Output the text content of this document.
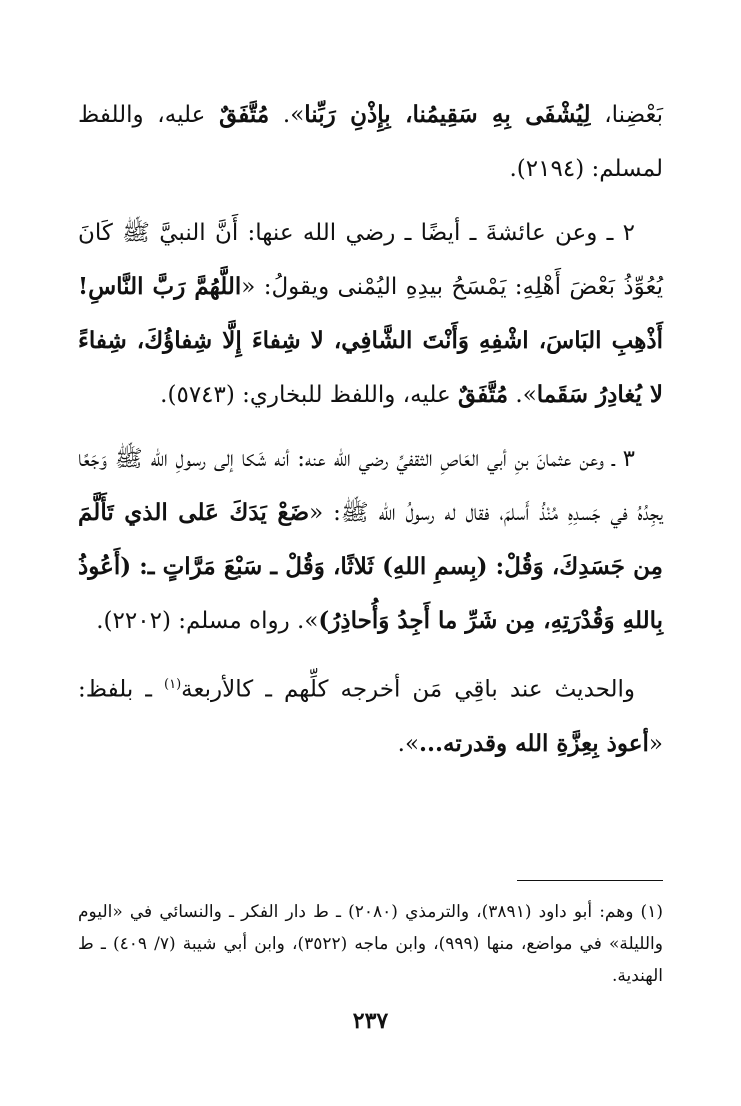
بَعْضِنا، لِيُشْفَى بِهِ سَقِيمُنا، بِإِذْنِ رَبِّنا». مُتَّفَقٌ عليه، واللفظ لمسلم: (٢١٩٤).

٢ ـ وعن عائشةَ ـ أيضًا ـ رضي الله عنها: أَنَّ النبيَّ ﷺ كَانَ يُعُوِّذُ بَعْضَ أَهْلِهِ: يَمْسَحُ بيدِهِ اليُمْنى ويقولُ: «اللَّهُمَّ رَبَّ النَّاسِ! أَذْهِبِ البَاسَ، اشْفِهِ وَأَنْتَ الشَّافِي، لا شِفاءَ إِلَّا شِفاؤُكَ، شِفاءً لا يُغادِرُ سَقَما». مُتَّفَقٌ عليه، واللفظ للبخاري: (٥٧٤٣).

٣ ـ وعن عثمانَ بنِ أبي العَاصِ الثقفيِّ رضي الله عنه: أنه شَكا إلى رسولِ الله ﷺ وَجَعًا يجِدُهُ في جَسدِهِ مُنْذُ أَسلمَ، فقال له رسولُ الله ﷺ: «ضَعْ يَدَكَ عَلى الذي تَأَلَّمَ مِن جَسَدِكَ، وَقُلْ: (بِسمِ اللهِ) ثَلاثًا، وَقُلْ ـ سَبْعَ مَرَّاتٍ ـ: (أَعُوذُ بِاللهِ وَقُدْرَتِهِ، مِن شَرِّ ما أَجِدُ وَأُحاذِرُ)». رواه مسلم: (٢٢٠٢).

والحديث عند باقِي مَن أخرجه كلِّهم ـ كالأربعة$^{(١)}$ ـ بلفظ: «أعوذ بِعِزَّةِ الله وقدرته...».

(١) وهم: أبو داود (٣٨٩١)، والترمذي (٢٠٨٠) ـ ط دار الفكر ـ والنسائي في «اليوم والليلة» في مواضع، منها (٩٩٩)، وابن ماجه (٣٥٢٢)، وابن أبي شيبة (٧/ ٤٠٩) ـ ط الهندية.

٢٣٧
